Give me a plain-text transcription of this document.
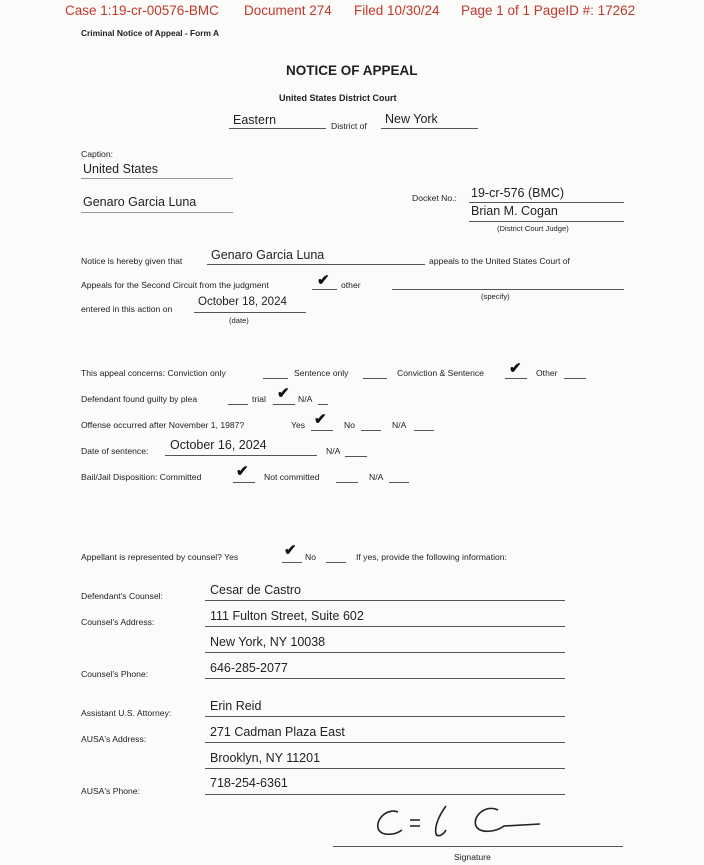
Case 1:19-cr-00576-BMC Document 274 Filed 10/30/24 Page 1 of 1 PageID #: 17262
Criminal Notice of Appeal - Form A
NOTICE OF APPEAL
United States District Court
Eastern	District of New York
Caption:
United States
Genaro Garcia Luna	Docket No.: 19-cr-576 (BMC)
Brian M. Cogan
(District Court Judge)
Notice is hereby given that Genaro Garcia Luna	appeals to the United States Court of
Appeals for the Second Circuit from the judgment	✔ other
(specify)
entered in this action on
October 18, 2024
(date)
This appeal concerns: Conviction only	Sentence only	Conviction & Sentence ✔ Other
Defendant found guilty by plea	trial ✔ N/A
Offense occurred after November 1, 1987?	Yes ✔ No	N/A
Date of sentence: October 16, 2024	N/A
Bail/Jail Disposition: Committed ✔ Not committed	N/A
Appellant is represented by counsel? Yes	✔ No	If yes, provide the following information:
Defendant's Counsel:	Cesar de Castro
Counsel's Address:	111 Fulton Street, Suite 602
New York, NY 10038
Counsel's Phone:	646-285-2077
Assistant U.S. Attorney:	Erin Reid
AUSA's Address:	271 Cadman Plaza East
Brooklyn, NY 11201
AUSA's Phone:
718-254-6361
Signature
